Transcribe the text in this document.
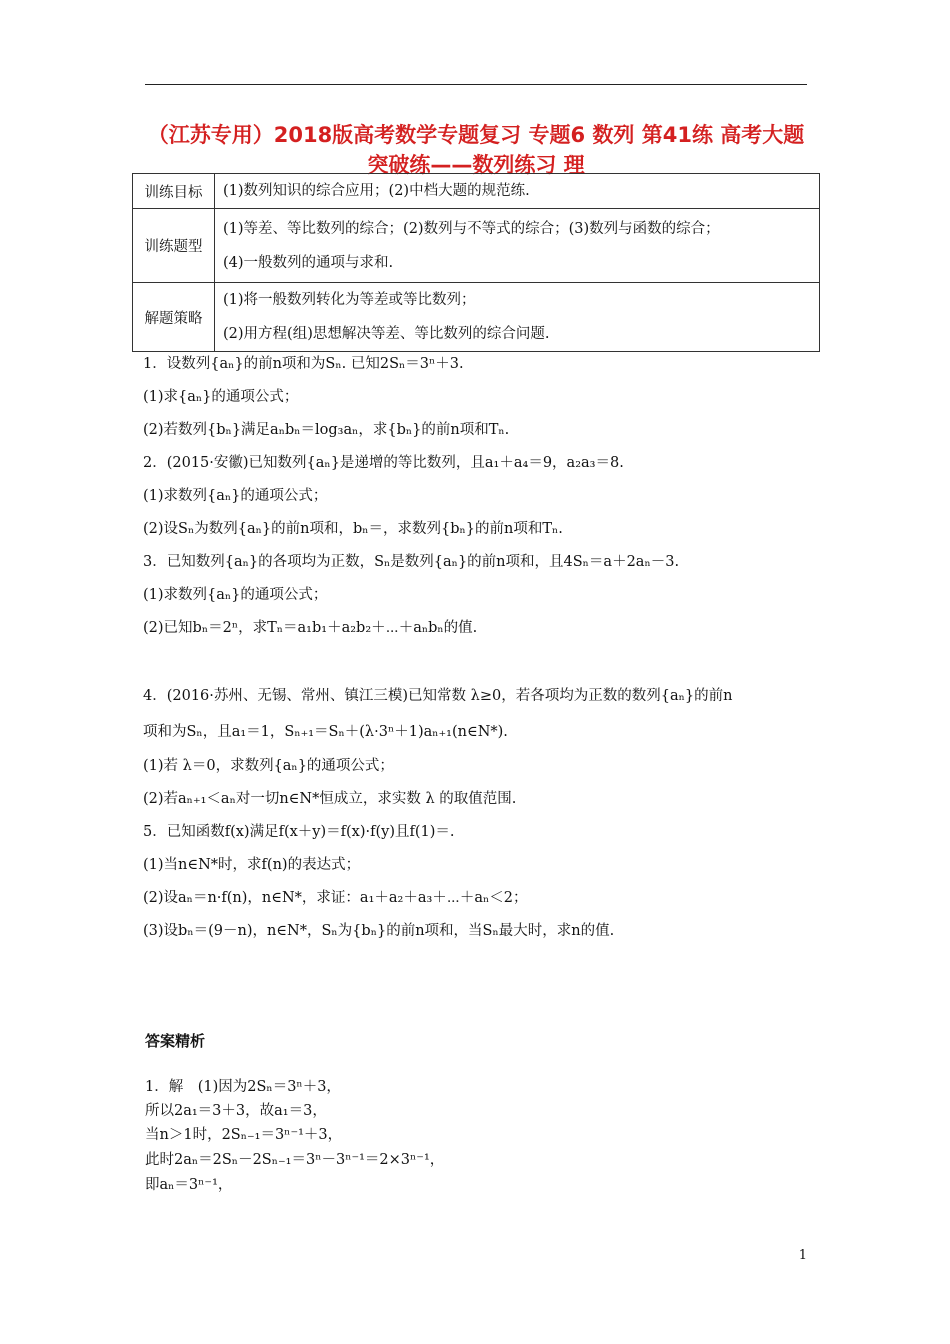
（江苏专用）2018版高考数学专题复习 专题6 数列 第41练 高考大题突破练——数列练习 理
训练目标	(1)数列知识的综合应用；(2)中档大题的规范练.

训练题型	(1)等差、等比数列的综合；(2)数列与不等式的综合；(3)数列与函数的综合；
(4)一般数列的通项与求和.

解题策略	(1)将一般数列转化为等差或等比数列；
(2)用方程(组)思想解决等差、等比数列的综合问题.
1．设数列{aₙ}的前n项和为Sₙ. 已知2Sₙ＝3ⁿ＋3.
(1)求{aₙ}的通项公式；
(2)若数列{bₙ}满足aₙbₙ＝log₃aₙ，求{bₙ}的前n项和Tₙ.
2．(2015·安徽)已知数列{aₙ}是递增的等比数列，且a₁＋a₄＝9，a₂a₃＝8.
(1)求数列{aₙ}的通项公式；
(2)设Sₙ为数列{aₙ}的前n项和，bₙ＝，求数列{bₙ}的前n项和Tₙ.
3．已知数列{aₙ}的各项均为正数，Sₙ是数列{aₙ}的前n项和，且4Sₙ＝a＋2aₙ－3.
(1)求数列{aₙ}的通项公式；
(2)已知bₙ＝2ⁿ，求Tₙ＝a₁b₁＋a₂b₂＋⋯＋aₙbₙ的值.
4．(2016·苏州、无锡、常州、镇江三模)已知常数 λ≥0，若各项均为正数的数列{aₙ}的前n
项和为Sₙ，且a₁＝1，Sₙ₊₁＝Sₙ＋(λ·3ⁿ＋1)aₙ₊₁(n∈N*).
(1)若 λ＝0，求数列{aₙ}的通项公式；
(2)若aₙ₊₁＜aₙ对一切n∈N*恒成立，求实数 λ 的取值范围.
5．已知函数f(x)满足f(x＋y)＝f(x)·f(y)且f(1)＝.
(1)当n∈N*时，求f(n)的表达式；
(2)设aₙ＝n·f(n)，n∈N*，求证：a₁＋a₂＋a₃＋⋯＋aₙ＜2；
(3)设bₙ＝(9－n)，n∈N*，Sₙ为{bₙ}的前n项和，当Sₙ最大时，求n的值.
答案精析
1．解　(1)因为2Sₙ＝3ⁿ＋3，
所以2a₁＝3＋3，故a₁＝3，
当n＞1时，2Sₙ₋₁＝3ⁿ⁻¹＋3，
此时2aₙ＝2Sₙ－2Sₙ₋₁＝3ⁿ－3ⁿ⁻¹＝2×3ⁿ⁻¹，
即aₙ＝3ⁿ⁻¹，
1
